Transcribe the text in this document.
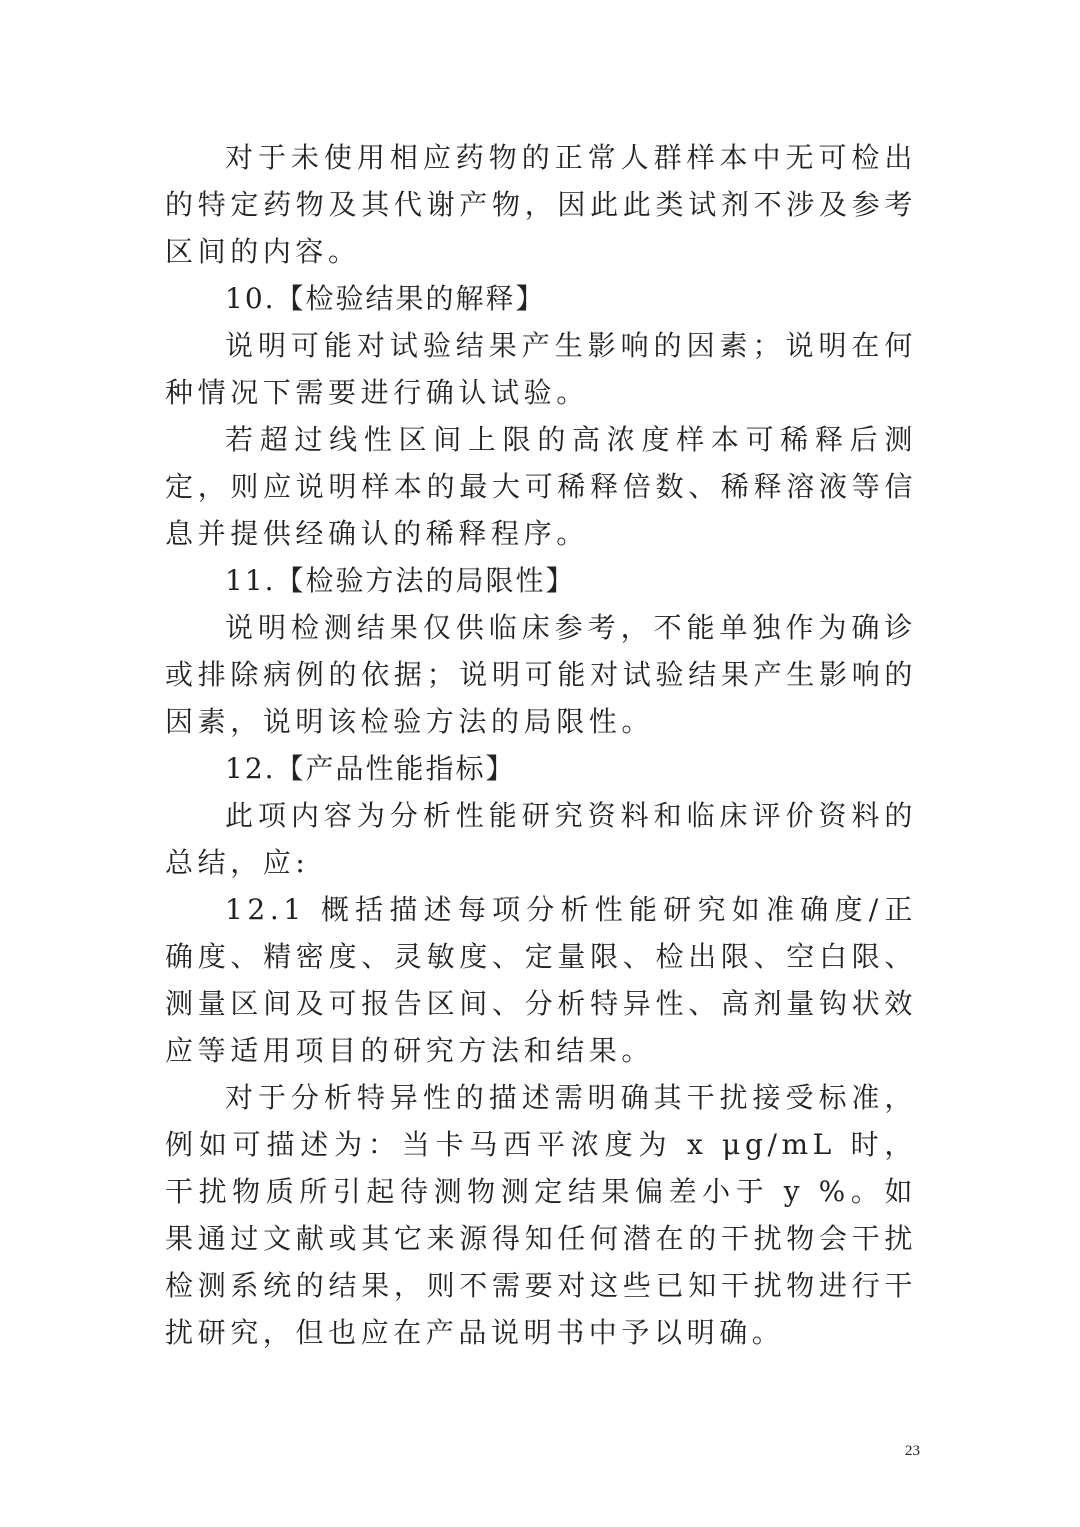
对于未使用相应药物的正常人群样本中无可检出的特定药物及其代谢产物，因此此类试剂不涉及参考区间的内容。

10.【检验结果的解释】

说明可能对试验结果产生影响的因素；说明在何种情况下需要进行确认试验。

若超过线性区间上限的高浓度样本可稀释后测定，则应说明样本的最大可稀释倍数、稀释溶液等信息并提供经确认的稀释程序。

11.【检验方法的局限性】

说明检测结果仅供临床参考，不能单独作为确诊或排除病例的依据；说明可能对试验结果产生影响的因素，说明该检验方法的局限性。

12.【产品性能指标】

此项内容为分析性能研究资料和临床评价资料的总结，应:

12.1 概括描述每项分析性能研究如准确度/正确度、精密度、灵敏度、定量限、检出限、空白限、测量区间及可报告区间、分析特异性、高剂量钩状效应等适用项目的研究方法和结果。

对于分析特异性的描述需明确其干扰接受标准，例如可描述为：当卡马西平浓度为 x μg/mL 时，干扰物质所引起待测物测定结果偏差小于 y %。如果通过文献或其它来源得知任何潜在的干扰物会干扰检测系统的结果，则不需要对这些已知干扰物进行干扰研究，但也应在产品说明书中予以明确。

23
